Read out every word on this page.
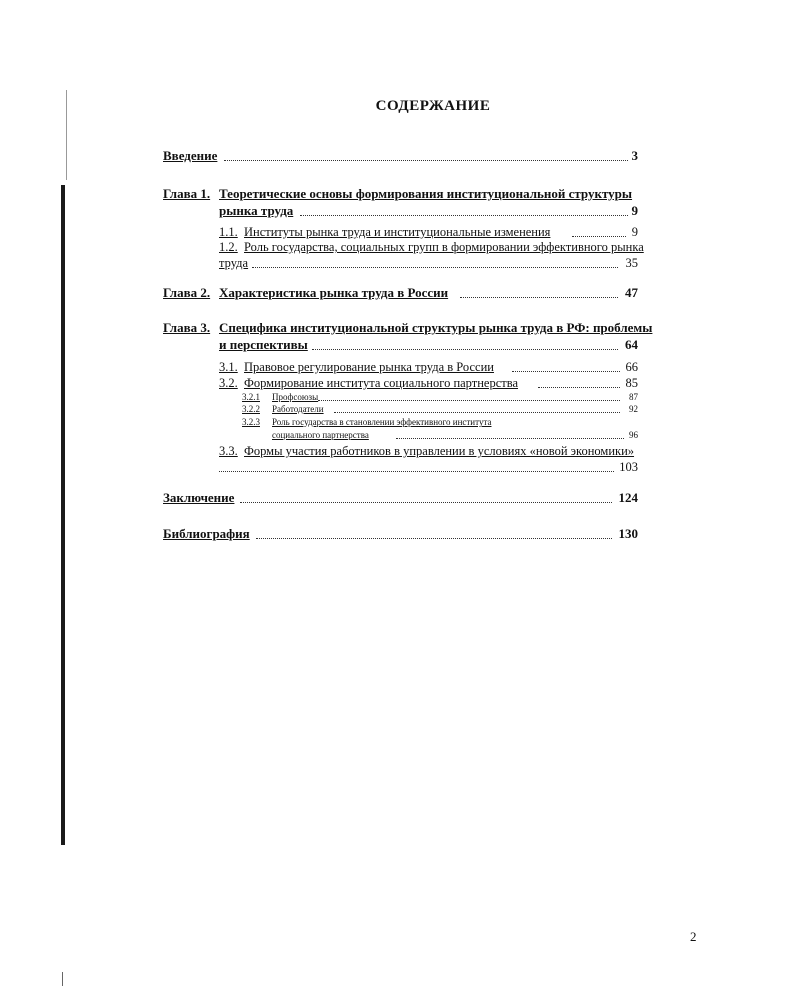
СОДЕРЖАНИЕ
Введение	3
Глава 1. Теоретические основы формирования институциональной структуры
рынка труда	9
1.1. Институты рынка труда и институциональные изменения	9
1.2. Роль государства, социальных групп в формировании эффективного рынка
труда	35
Глава 2. Характеристика рынка труда в России	47
Глава 3. Специфика институциональной структуры рынка труда в РФ: проблемы
и перспективы	64
3.1. Правовое регулирование рынка труда в России	66
3.2. Формирование института социального партнерства	85
3.2.1 Профсоюзы	87
3.2.2 Работодатели	92
3.2.3 Роль государства в становлении эффективного института
социального партнерства	96
3.3. Формы участия работников в управлении в условиях «новой экономики»
103
Заключение	124
Библиография	130
2
